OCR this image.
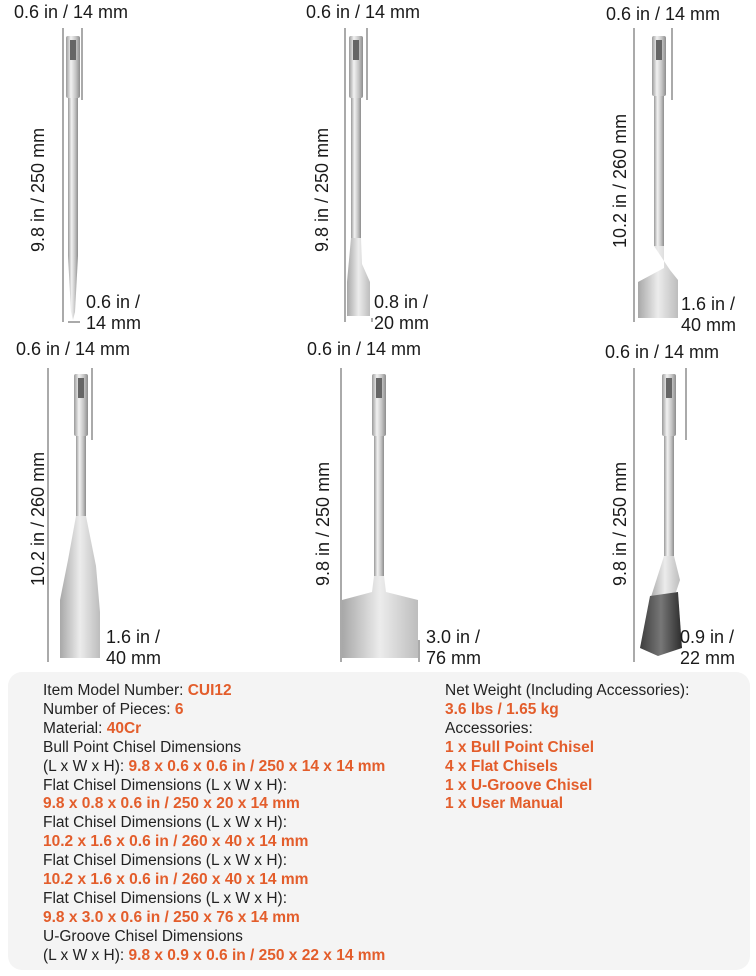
0.6 in / 14 mm
9.8 in / 250 mm
0.6 in /
14 mm
0.6 in / 14 mm
9.8 in / 250 mm
0.8 in /
20 mm
0.6 in / 14 mm
10.2 in / 260 mm
1.6 in /
40 mm
0.6 in / 14 mm
10.2 in / 260 mm
1.6 in /
40 mm
0.6 in / 14 mm
9.8 in / 250 mm
3.0 in /
76 mm
0.6 in / 14 mm
9.8 in / 250 mm
0.9 in /
22 mm
Item Model Number: CUI12
Number of Pieces: 6
Material: 40Cr
Bull Point Chisel Dimensions
(L x W x H): 9.8 x 0.6 x 0.6 in / 250 x 14 x 14 mm
Flat Chisel Dimensions (L x W x H):
9.8 x 0.8 x 0.6 in / 250 x 20 x 14 mm
Flat Chisel Dimensions (L x W x H):
10.2 x 1.6 x 0.6 in / 260 x 40 x 14 mm
Flat Chisel Dimensions (L x W x H):
10.2 x 1.6 x 0.6 in / 260 x 40 x 14 mm
Flat Chisel Dimensions (L x W x H):
9.8 x 3.0 x 0.6 in / 250 x 76 x 14 mm
U-Groove Chisel Dimensions
(L x W x H): 9.8 x 0.9 x 0.6 in / 250 x 22 x 14 mm
Net Weight (Including Accessories):
3.6 lbs / 1.65 kg
Accessories:
1 x Bull Point Chisel
4 x Flat Chisels
1 x U-Groove Chisel
1 x User Manual
